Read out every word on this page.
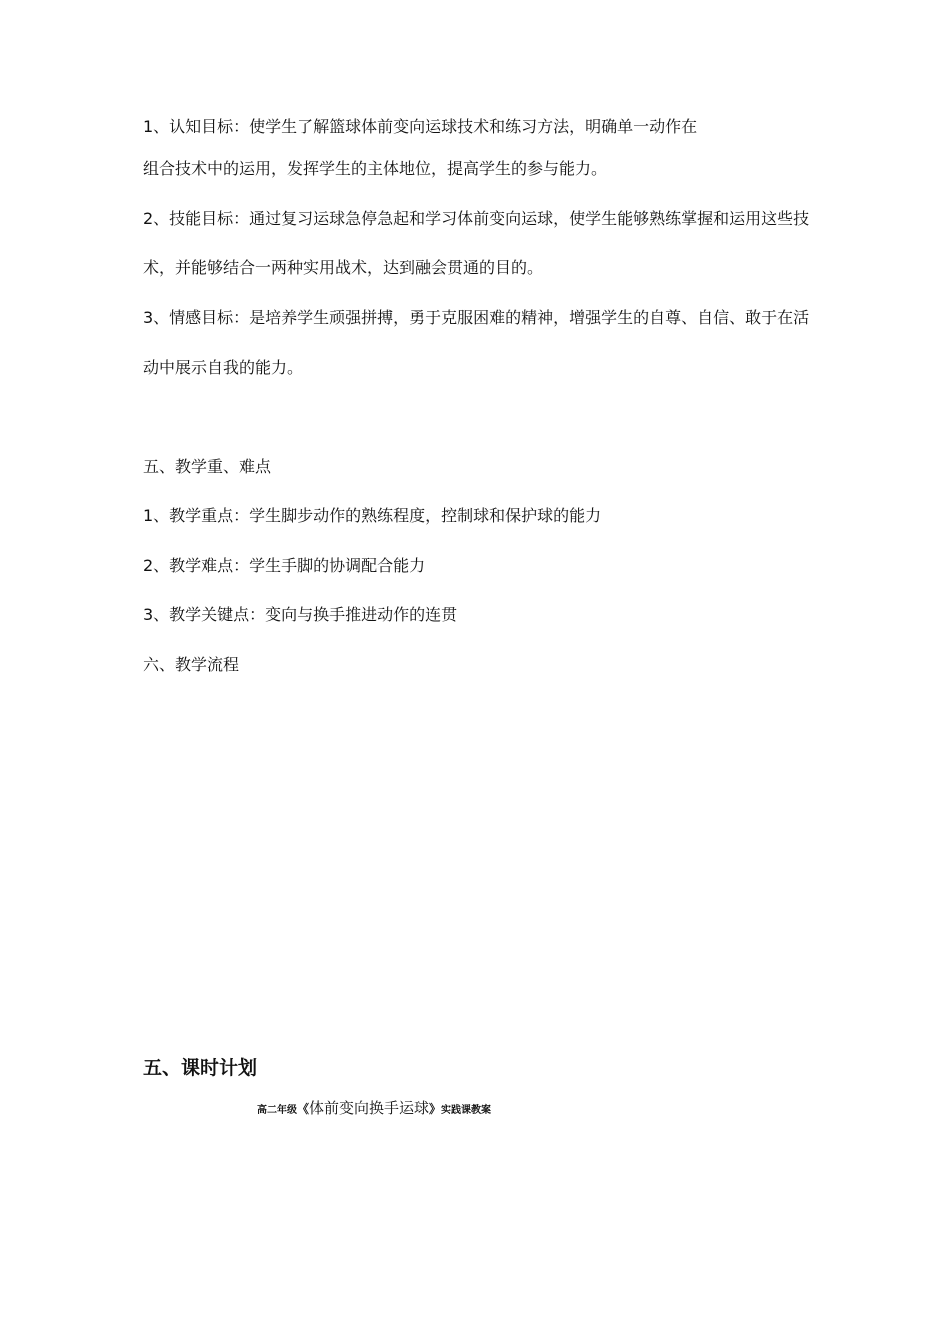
1、认知目标：使学生了解篮球体前变向运球技术和练习方法，明确单一动作在
组合技术中的运用，发挥学生的主体地位，提高学生的参与能力。
2、技能目标：通过复习运球急停急起和学习体前变向运球，使学生能够熟练掌握和运用这些技
术，并能够结合一两种实用战术，达到融会贯通的目的。
3、情感目标：是培养学生顽强拼搏，勇于克服困难的精神，增强学生的自尊、自信、敢于在活
动中展示自我的能力。
五、教学重、难点
1、教学重点：学生脚步动作的熟练程度，控制球和保护球的能力
2、教学难点：学生手脚的协调配合能力
3、教学关键点：变向与换手推进动作的连贯
六、教学流程
五、课时计划
高二年级《体前变向换手运球》实践课教案
